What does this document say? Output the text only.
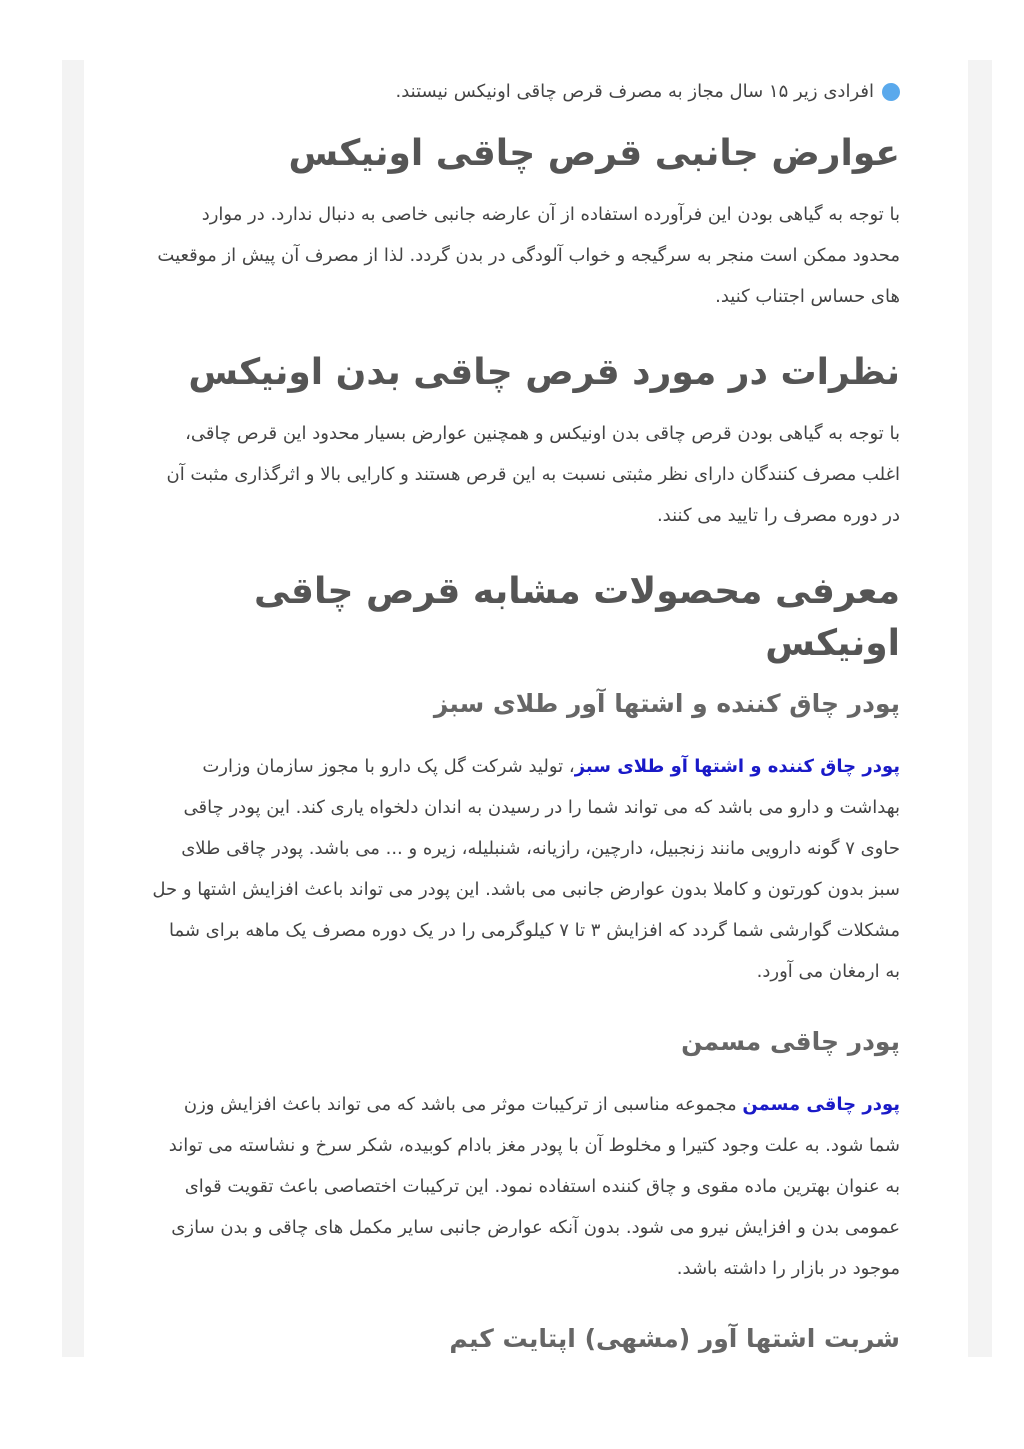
افرادی زیر ۱۵ سال مجاز به مصرف قرص چاقی اونیکس نیستند.
عوارض جانبی قرص چاقی اونیکس

با توجه به گیاهی بودن این فرآورده استفاده از آن عارضه جانبی خاصی به دنبال ندارد. در موارد محدود ممکن است منجر به سرگیجه و خواب آلودگی در بدن گردد. لذا از مصرف آن پیش از موقعیت های حساس اجتناب کنید.

نظرات در مورد قرص چاقی بدن اونیکس

با توجه به گیاهی بودن قرص چاقی بدن اونیکس و همچنین عوارض بسیار محدود این قرص چاقی، اغلب مصرف کنندگان دارای نظر مثبتی نسبت به این قرص هستند و کارایی بالا و اثرگذاری مثبت آن در دوره مصرف را تایید می کنند.

معرفی محصولات مشابه قرص چاقی اونیکس
پودر چاق کننده و اشتها آور طلای سبز

پودر چاق کننده و اشتها آو طلای سبز، تولید شرکت گل پک دارو با مجوز سازمان وزارت بهداشت و دارو می باشد که می تواند شما را در رسیدن به اندان دلخواه یاری کند. این پودر چاقی حاوی ۷ گونه دارویی مانند زنجبیل، دارچین، رازیانه، شنبلیله، زیره و ... می باشد. پودر چاقی طلای سبز بدون کورتون و کاملا بدون عوارض جانبی می باشد. این پودر می تواند باعث افزایش اشتها و حل مشکلات گوارشی شما گردد که افزایش ۳ تا ۷ کیلوگرمی را در یک دوره مصرف یک ماهه برای شما به ارمغان می آورد.

پودر چاقی مسمن

پودر چاقی مسمن مجموعه مناسبی از ترکیبات موثر می باشد که می تواند باعث افزایش وزن شما شود. به علت وجود کتیرا و مخلوط آن با پودر مغز بادام کوبیده، شکر سرخ و نشاسته می تواند به عنوان بهترین ماده مقوی و چاق کننده استفاده نمود. این ترکیبات اختصاصی باعث تقویت قوای عمومی بدن و افزایش نیرو می شود. بدون آنکه عوارض جانبی سایر مکمل های چاقی و بدن سازی موجود در بازار را داشته باشد.

شربت اشتها آور (مشهی) اپتایت کیم
